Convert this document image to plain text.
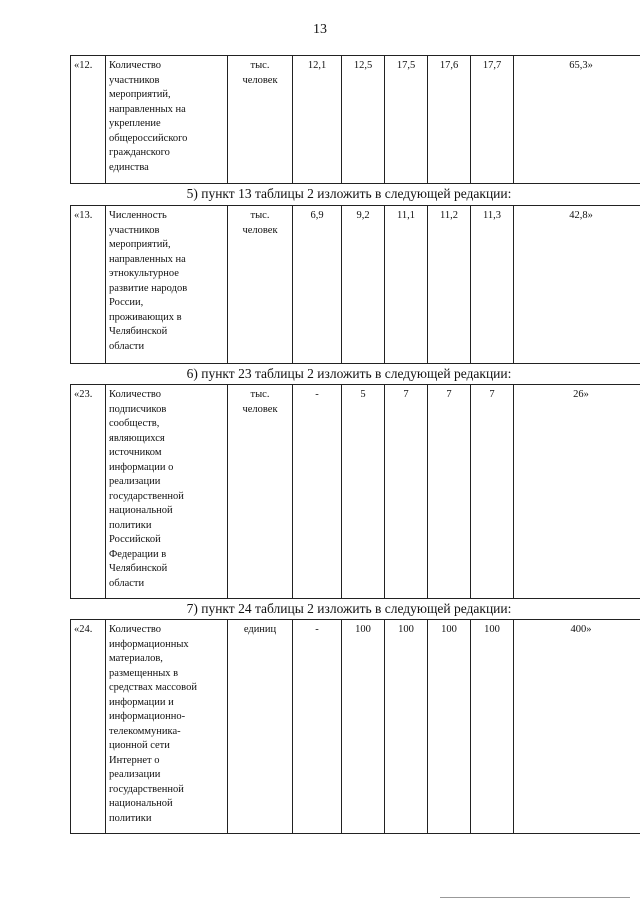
13
«12.	Количество
участников
мероприятий,
направленных на
укрепление
общероссийского
гражданского
единства

тыс.
человек
	12,1	12,5	17,5	17,6	17,7	65,3»
5) пункт 13 таблицы 2 изложить в следующей редакции:
«13.	Численность
участников
мероприятий,
направленных на
этнокультурное
развитие народов
России,
проживающих в
Челябинской
области

тыс.
человек
	6,9	9,2	11,1	11,2	11,3	42,8»
6) пункт 23 таблицы 2 изложить в следующей редакции:
«23.	Количество
подписчиков
сообществ,
являющихся
источником
информации о
реализации
государственной
национальной
политики
Российской
Федерации в
Челябинской
области

тыс.
человек
	-	5	7	7	7	26»
7) пункт 24 таблицы 2 изложить в следующей редакции:
«24.	Количество
информационных
материалов,
размещенных в
средствах массовой
информации и
информационно-
телекоммуника-
ционной сети
Интернет о
реализации
государственной
национальной
политики

единиц	-	100	100	100	100	400»
